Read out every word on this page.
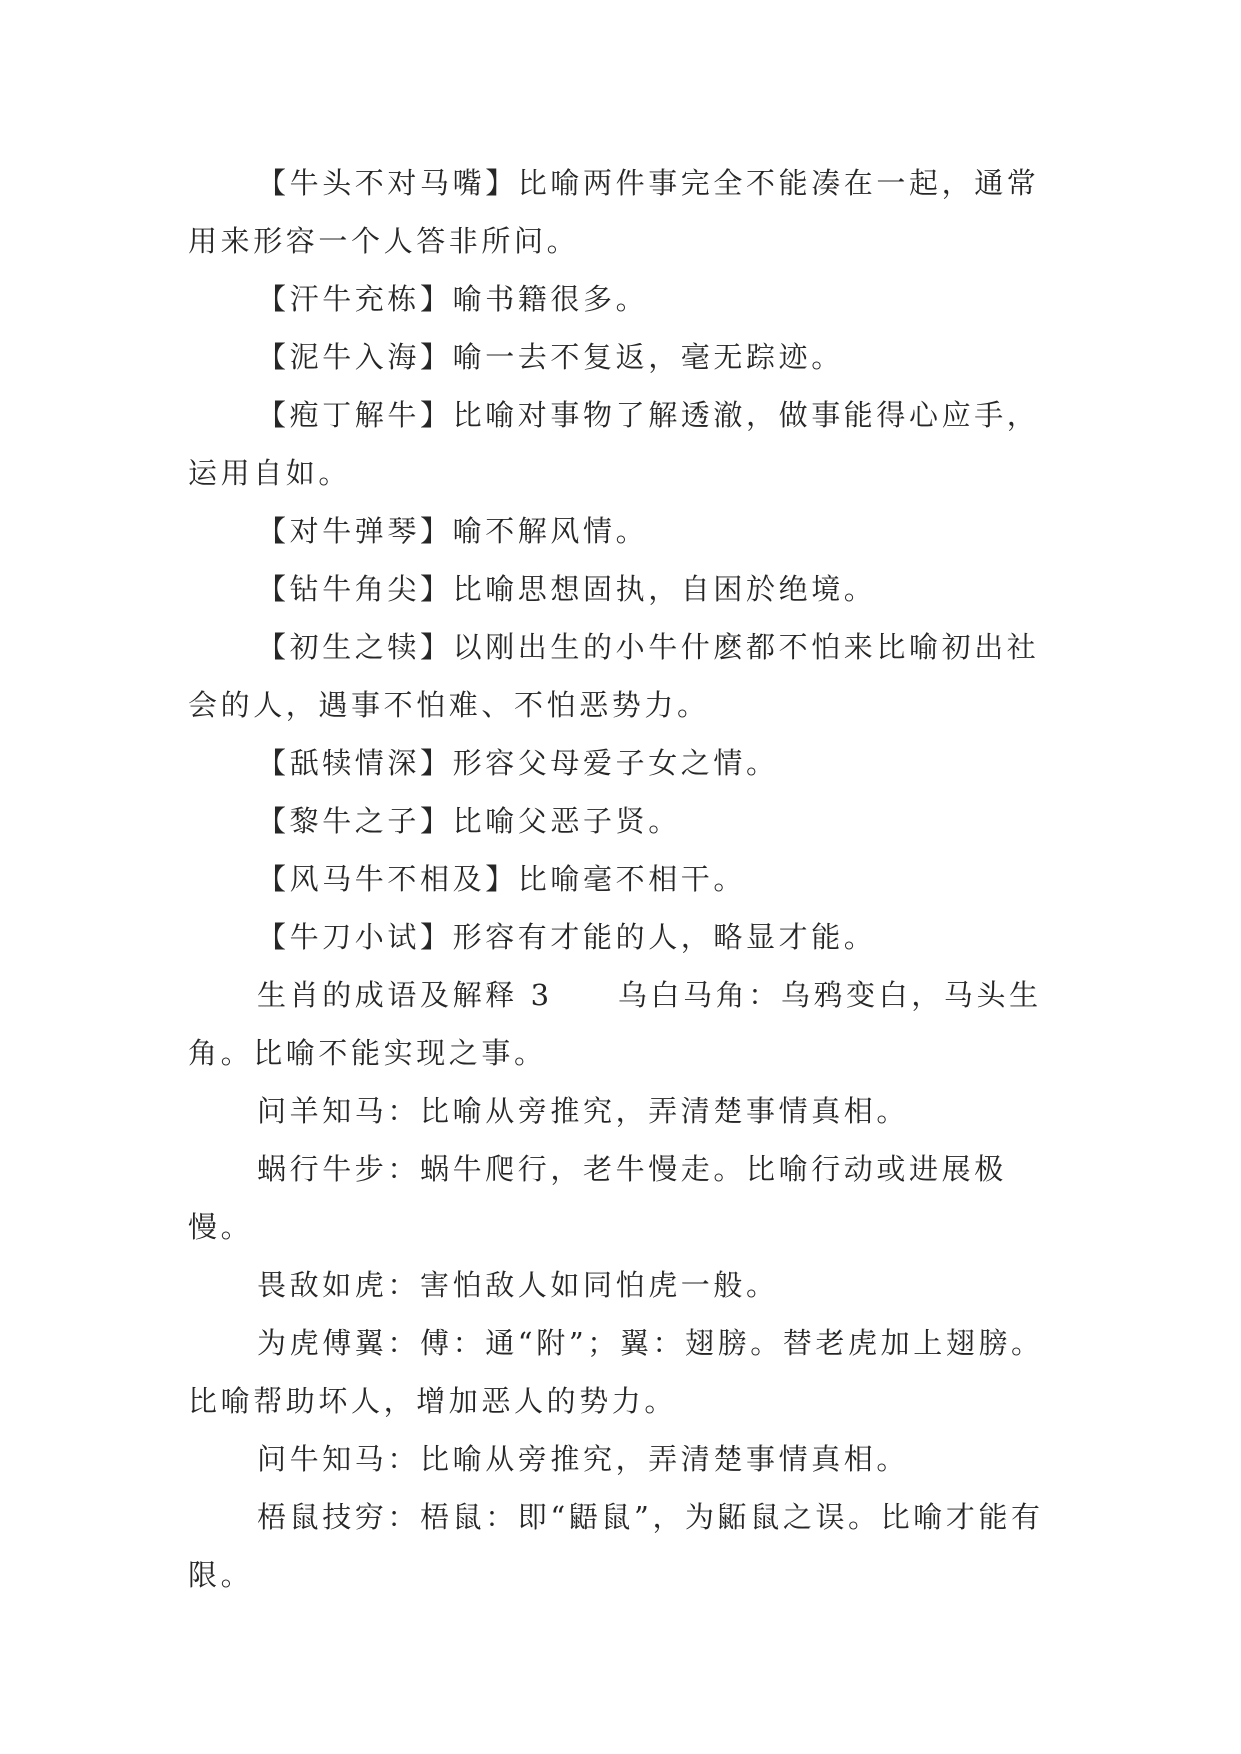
【牛头不对马嘴】比喻两件事完全不能凑在一起，通常用来形容一个人答非所问。

【汗牛充栋】喻书籍很多。

【泥牛入海】喻一去不复返，毫无踪迹。

【疱丁解牛】比喻对事物了解透澈，做事能得心应手，运用自如。

【对牛弹琴】喻不解风情。

【钻牛角尖】比喻思想固执，自困於绝境。

【初生之犊】以刚出生的小牛什麽都不怕来比喻初出社会的人，遇事不怕难、不怕恶势力。

【舐犊情深】形容父母爱子女之情。

【黎牛之子】比喻父恶子贤。

【风马牛不相及】比喻毫不相干。

【牛刀小试】形容有才能的人，略显才能。

生肖的成语及解释 3　　乌白马角：乌鸦变白，马头生角。比喻不能实现之事。

问羊知马：比喻从旁推究，弄清楚事情真相。

蜗行牛步：蜗牛爬行，老牛慢走。比喻行动或进展极慢。

畏敌如虎：害怕敌人如同怕虎一般。

为虎傅翼：傅：通“附”；翼：翅膀。替老虎加上翅膀。比喻帮助坏人，增加恶人的势力。

问牛知马：比喻从旁推究，弄清楚事情真相。

梧鼠技穷：梧鼠：即“鼯鼠”，为鼫鼠之误。比喻才能有限。
